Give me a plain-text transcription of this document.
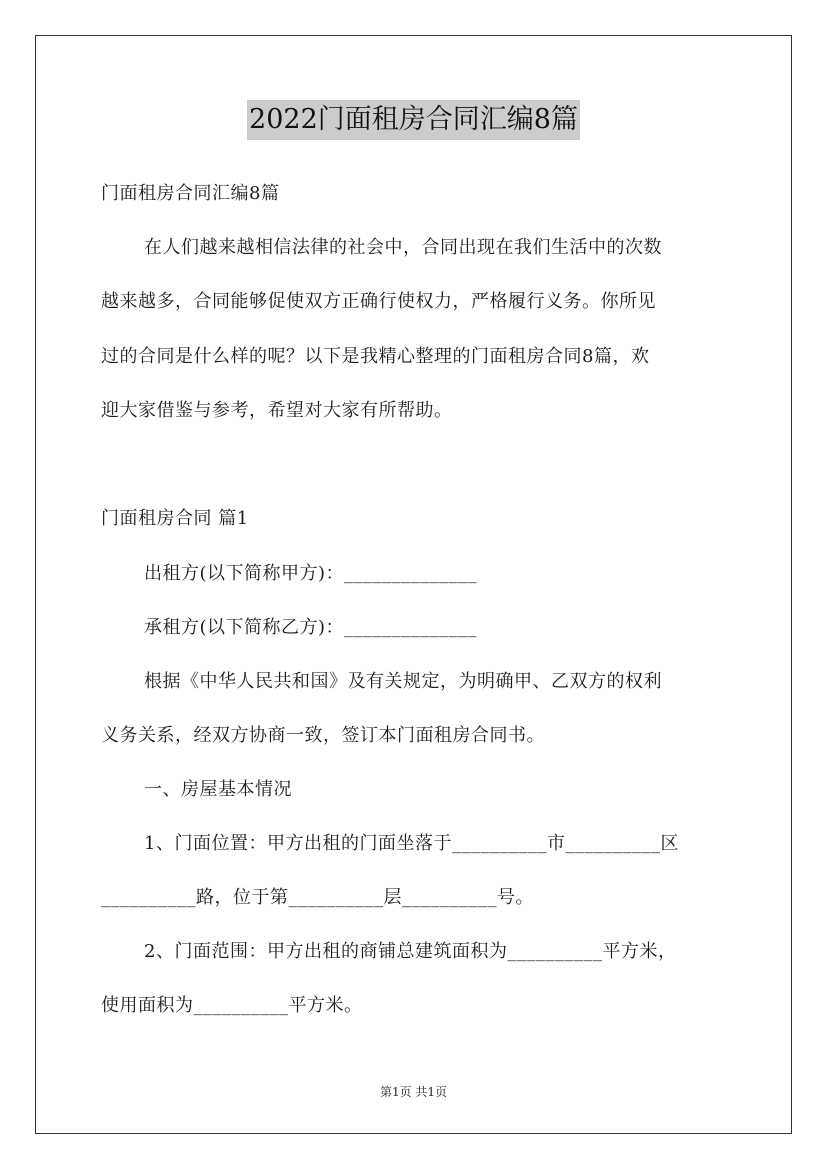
2022门面租房合同汇编8篇
门面租房合同汇编8篇
在人们越来越相信法律的社会中，合同出现在我们生活中的次数
越来越多，合同能够促使双方正确行使权力，严格履行义务。你所见
过的合同是什么样的呢？以下是我精心整理的门面租房合同8篇，欢
迎大家借鉴与参考，希望对大家有所帮助。
门面租房合同 篇1
出租方(以下简称甲方)：______________
承租方(以下简称乙方)：______________
根据《中华人民共和国》及有关规定，为明确甲、乙双方的权利
义务关系，经双方协商一致，签订本门面租房合同书。
一、房屋基本情况
1、门面位置：甲方出租的门面坐落于__________市__________区
__________路，位于第__________层__________号。
2、门面范围：甲方出租的商铺总建筑面积为__________平方米，
使用面积为__________平方米。
第1页 共1页
